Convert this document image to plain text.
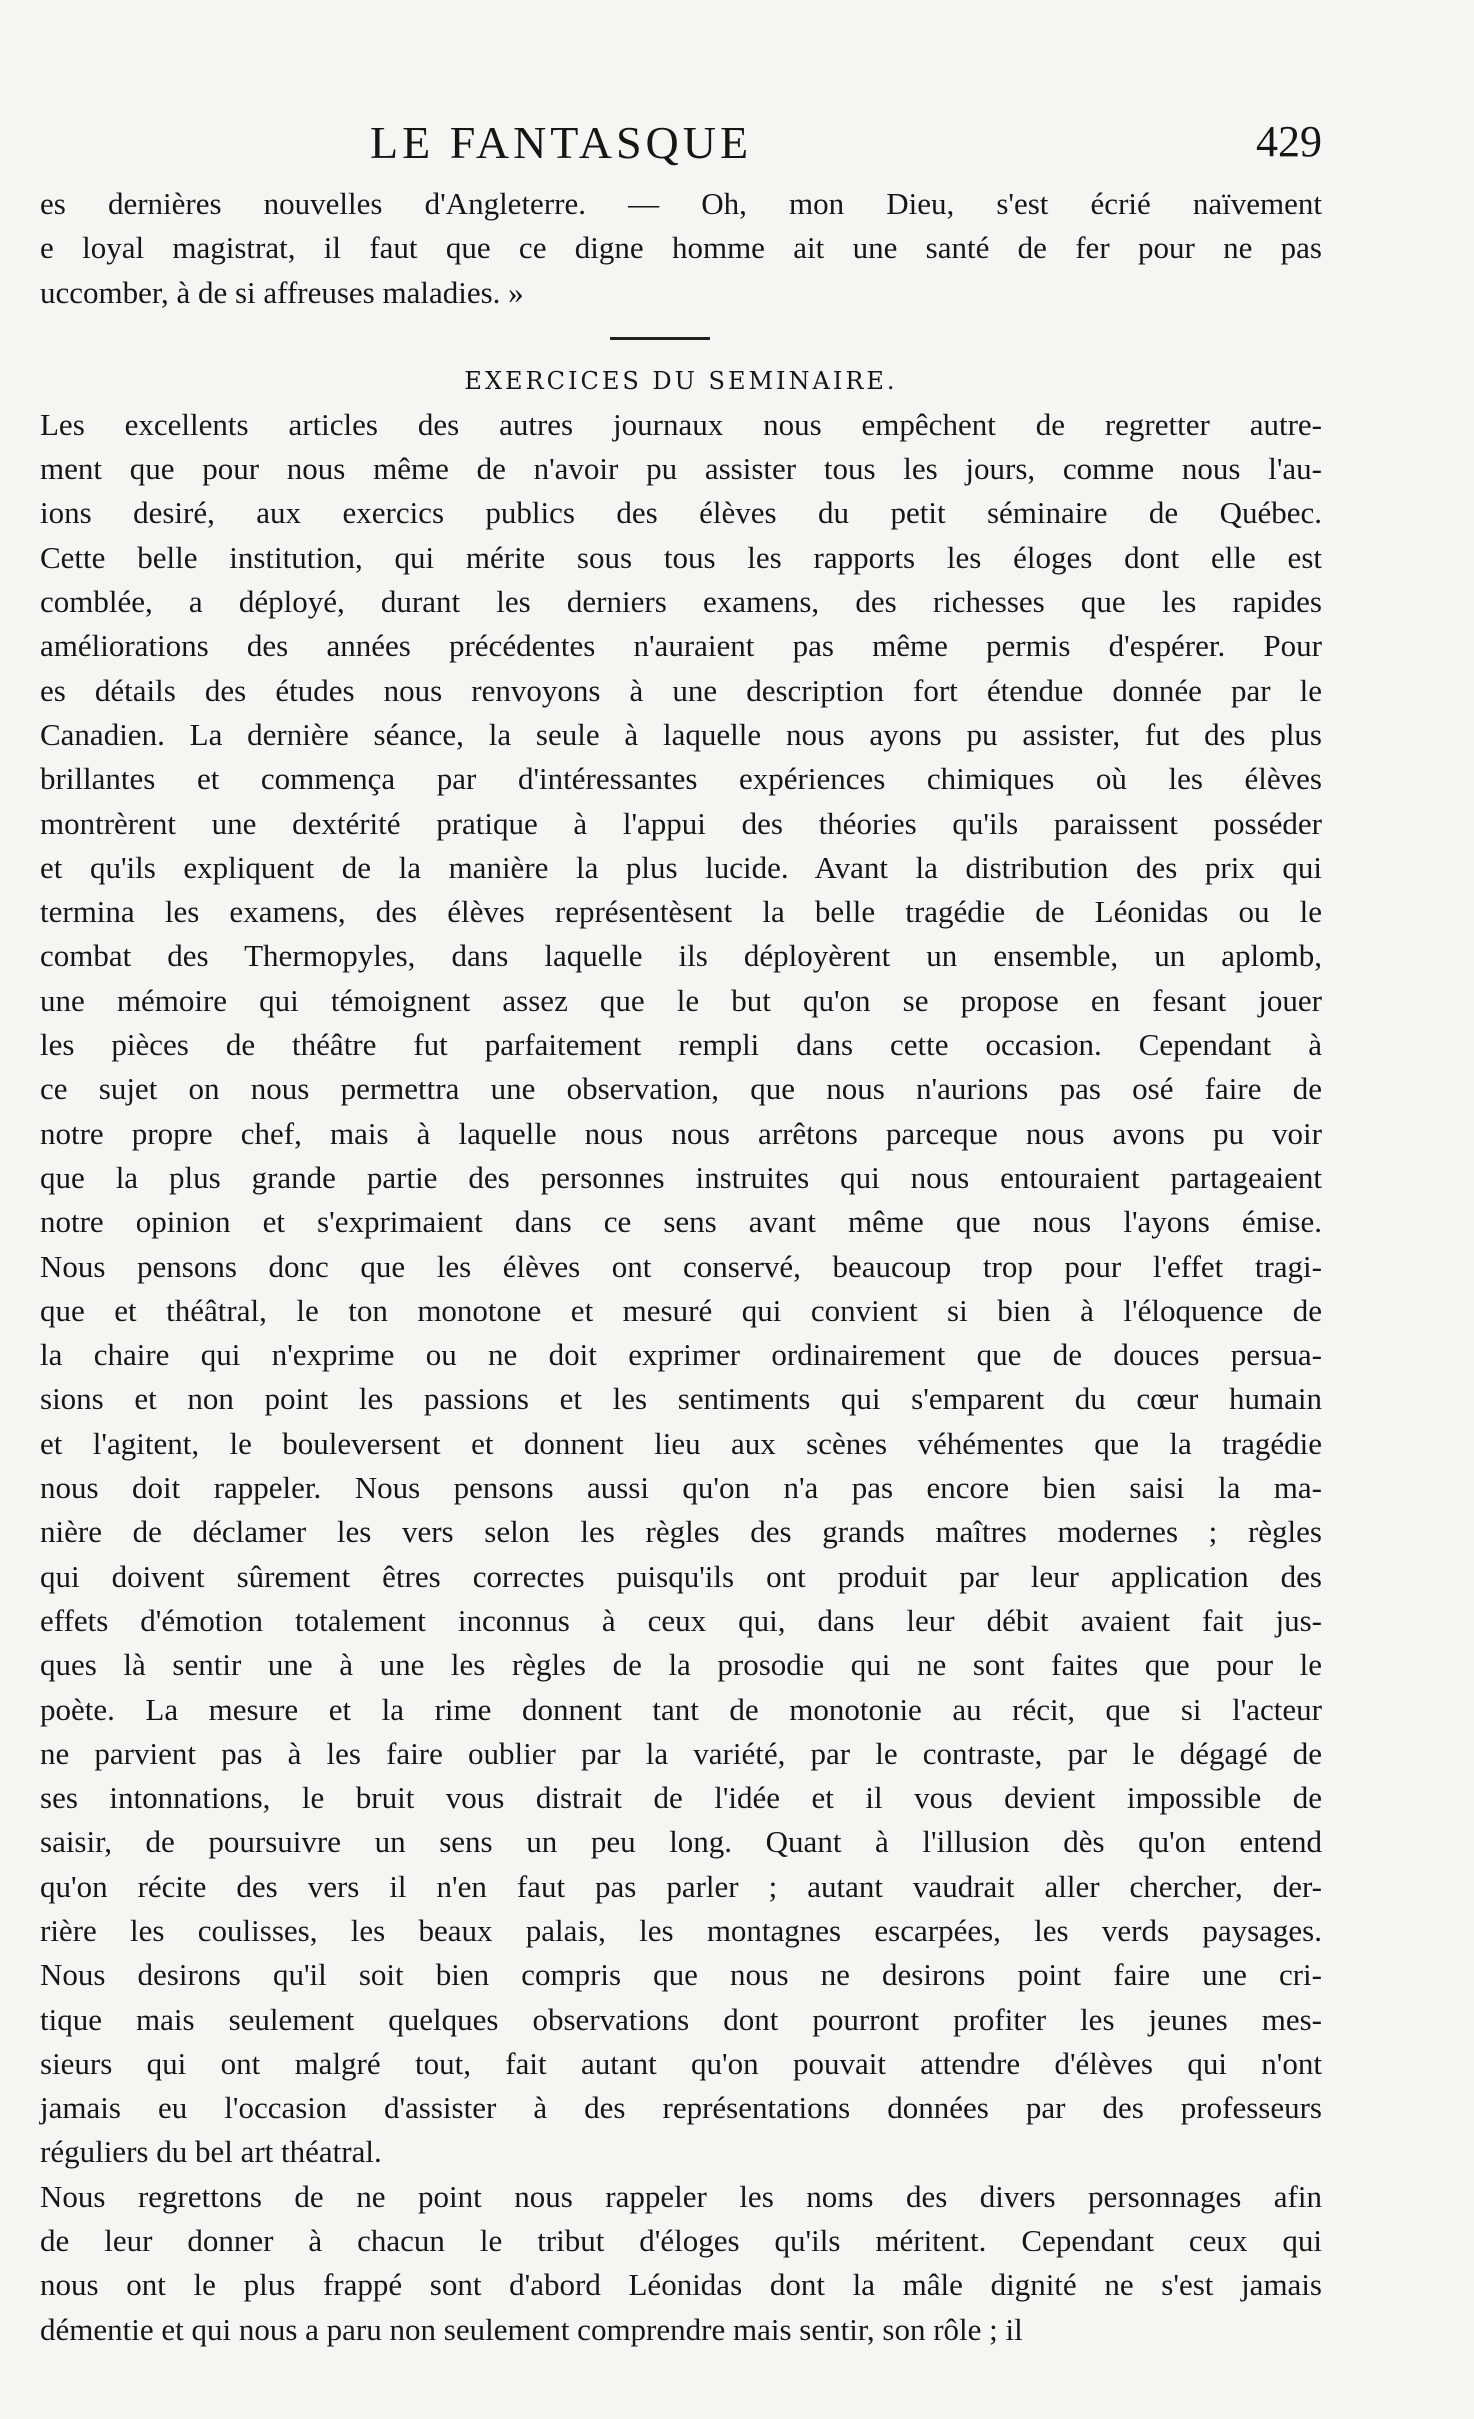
LE FANTASQUE	429
es dernières nouvelles d'Angleterre. — Oh, mon Dieu, s'est écrié naïvement
e loyal magistrat, il faut que ce digne homme ait une santé de fer pour ne pas
uccomber, à de si affreuses maladies. »
EXERCICES DU SEMINAIRE.
Les excellents articles des autres journaux nous empêchent de regretter autre-
ment que pour nous même de n'avoir pu assister tous les jours, comme nous l'au-
ions desiré, aux exercics publics des élèves du petit séminaire de Québec.
Cette belle institution, qui mérite sous tous les rapports les éloges dont elle est
comblée, a déployé, durant les derniers examens, des richesses que les rapides
améliorations des années précédentes n'auraient pas même permis d'espérer. Pour
es détails des études nous renvoyons à une description fort étendue donnée par le
Canadien. La dernière séance, la seule à laquelle nous ayons pu assister, fut des plus
brillantes et commença par d'intéressantes expériences chimiques où les élèves
montrèrent une dextérité pratique à l'appui des théories qu'ils paraissent posséder
et qu'ils expliquent de la manière la plus lucide. Avant la distribution des prix qui
termina les examens, des élèves représentèsent la belle tragédie de Léonidas ou le
combat des Thermopyles, dans laquelle ils déployèrent un ensemble, un aplomb,
une mémoire qui témoignent assez que le but qu'on se propose en fesant jouer
les pièces de théâtre fut parfaitement rempli dans cette occasion. Cependant à
ce sujet on nous permettra une observation, que nous n'aurions pas osé faire de
notre propre chef, mais à laquelle nous nous arrêtons parceque nous avons pu voir
que la plus grande partie des personnes instruites qui nous entouraient partageaient
notre opinion et s'exprimaient dans ce sens avant même que nous l'ayons émise.
Nous pensons donc que les élèves ont conservé, beaucoup trop pour l'effet tragi-
que et théâtral, le ton monotone et mesuré qui convient si bien à l'éloquence de
la chaire qui n'exprime ou ne doit exprimer ordinairement que de douces persua-
sions et non point les passions et les sentiments qui s'emparent du cœur humain
et l'agitent, le bouleversent et donnent lieu aux scènes véhémentes que la tragédie
nous doit rappeler. Nous pensons aussi qu'on n'a pas encore bien saisi la ma-
nière de déclamer les vers selon les règles des grands maîtres modernes ; règles
qui doivent sûrement êtres correctes puisqu'ils ont produit par leur application des
effets d'émotion totalement inconnus à ceux qui, dans leur débit avaient fait jus-
ques là sentir une à une les règles de la prosodie qui ne sont faites que pour le
poète. La mesure et la rime donnent tant de monotonie au récit, que si l'acteur
ne parvient pas à les faire oublier par la variété, par le contraste, par le dégagé de
ses intonnations, le bruit vous distrait de l'idée et il vous devient impossible de
saisir, de poursuivre un sens un peu long. Quant à l'illusion dès qu'on entend
qu'on récite des vers il n'en faut pas parler ; autant vaudrait aller chercher, der-
rière les coulisses, les beaux palais, les montagnes escarpées, les verds paysages.
Nous desirons qu'il soit bien compris que nous ne desirons point faire une cri-
tique mais seulement quelques observations dont pourront profiter les jeunes mes-
sieurs qui ont malgré tout, fait autant qu'on pouvait attendre d'élèves qui n'ont
jamais eu l'occasion d'assister à des représentations données par des professeurs
réguliers du bel art théatral.
Nous regrettons de ne point nous rappeler les noms des divers personnages afin
de leur donner à chacun le tribut d'éloges qu'ils méritent. Cependant ceux qui
nous ont le plus frappé sont d'abord Léonidas dont la mâle dignité ne s'est jamais
démentie et qui nous a paru non seulement comprendre mais sentir, son rôle ; il
